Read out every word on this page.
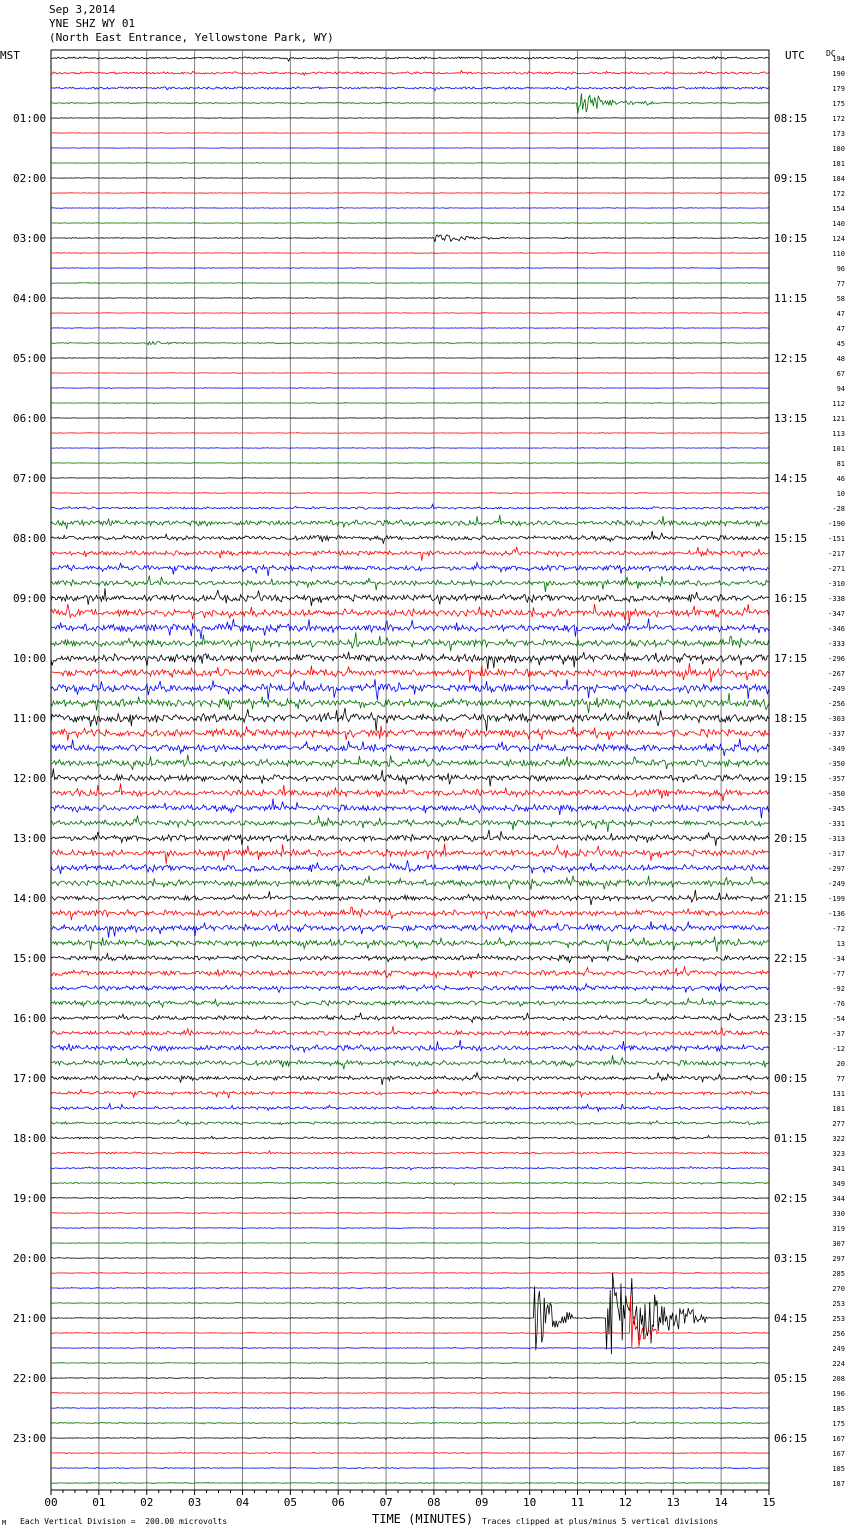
Sep 3,2014
YNE SHZ WY 01
(North East Entrance, Yellowstone Park, WY)
MST	UTC	DC
00	01	02	03	04	05	06	07	08	09	10	11	12	13	14	15
194
190
179
175
172
173
180
181
184
172
154
140
124
110
96
77
58
47
47
45
48
67
94
112
121
113
101
81
46
10
-28
-190
-151
-217
-271
-310
-338
-347
-346
-333
-296
-267
-249
-256
-303
-337
-349
-350
-357
-350
-345
-331
-313
-317
-297
-249
-199
-136
-72
13
-34
-77
-92
-76
-54
-37
-12
20
77
131
181
277
322
323
341
349
344
330
319
307
297
285
270
253
253
256
249
224
208
196
185
175
167
167
185
187
01:00	08:15
02:00	09:15
03:00	10:15
04:00	11:15
05:00	12:15
06:00	13:15
07:00	14:15
08:00	15:15
09:00	16:15
10:00	17:15
11:00	18:15
12:00	19:15
13:00	20:15
14:00	21:15
15:00	22:15
16:00	23:15
17:00	00:15
18:00	01:15
19:00	02:15
20:00	03:15
21:00	04:15
22:00	05:15
23:00	06:15
TIME (MINUTES)
Each Vertical Division =  200.00 microvolts	Traces clipped at plus/minus 5 vertical divisions
M
